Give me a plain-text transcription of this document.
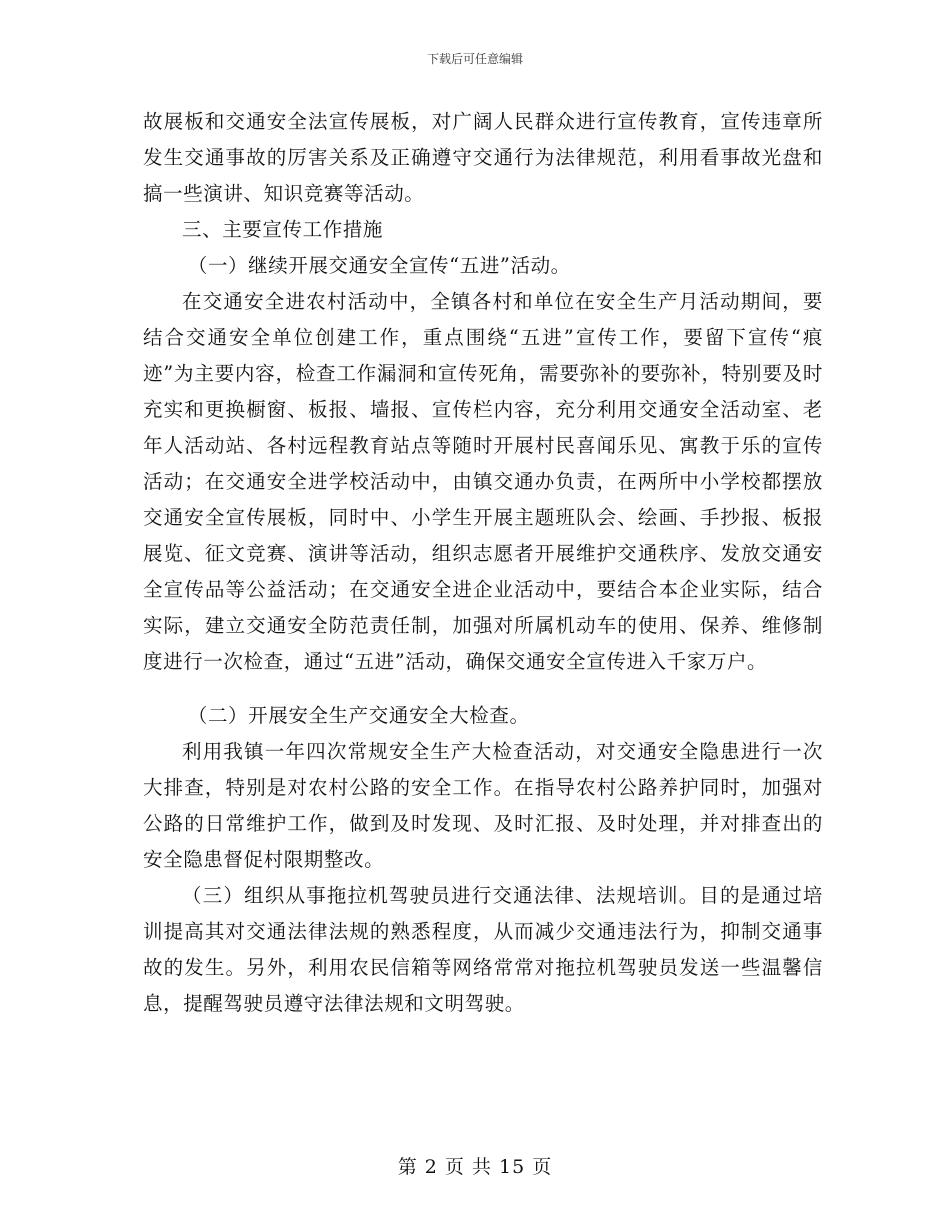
下载后可任意编辑

故展板和交通安全法宣传展板，对广阔人民群众进行宣传教育，宣传违章所发生交通事故的厉害关系及正确遵守交通行为法律规范，利用看事故光盘和搞一些演讲、知识竞赛等活动。

三、主要宣传工作措施

（一）继续开展交通安全宣传“五进”活动。

在交通安全进农村活动中，全镇各村和单位在安全生产月活动期间，要结合交通安全单位创建工作，重点围绕“五进”宣传工作，要留下宣传“痕迹”为主要内容，检查工作漏洞和宣传死角，需要弥补的要弥补，特别要及时充实和更换橱窗、板报、墙报、宣传栏内容，充分利用交通安全活动室、老年人活动站、各村远程教育站点等随时开展村民喜闻乐见、寓教于乐的宣传活动；在交通安全进学校活动中，由镇交通办负责，在两所中小学校都摆放交通安全宣传展板，同时中、小学生开展主题班队会、绘画、手抄报、板报展览、征文竞赛、演讲等活动，组织志愿者开展维护交通秩序、发放交通安全宣传品等公益活动；在交通安全进企业活动中，要结合本企业实际，结合实际，建立交通安全防范责任制，加强对所属机动车的使用、保养、维修制度进行一次检查，通过“五进”活动，确保交通安全宣传进入千家万户。

（二）开展安全生产交通安全大检查。

利用我镇一年四次常规安全生产大检查活动，对交通安全隐患进行一次大排查，特别是对农村公路的安全工作。在指导农村公路养护同时，加强对公路的日常维护工作，做到及时发现、及时汇报、及时处理，并对排查出的安全隐患督促村限期整改。

（三）组织从事拖拉机驾驶员进行交通法律、法规培训。目的是通过培训提高其对交通法律法规的熟悉程度，从而减少交通违法行为，抑制交通事故的发生。另外，利用农民信箱等网络常常对拖拉机驾驶员发送一些温馨信息，提醒驾驶员遵守法律法规和文明驾驶。

第 2 页 共 15 页
